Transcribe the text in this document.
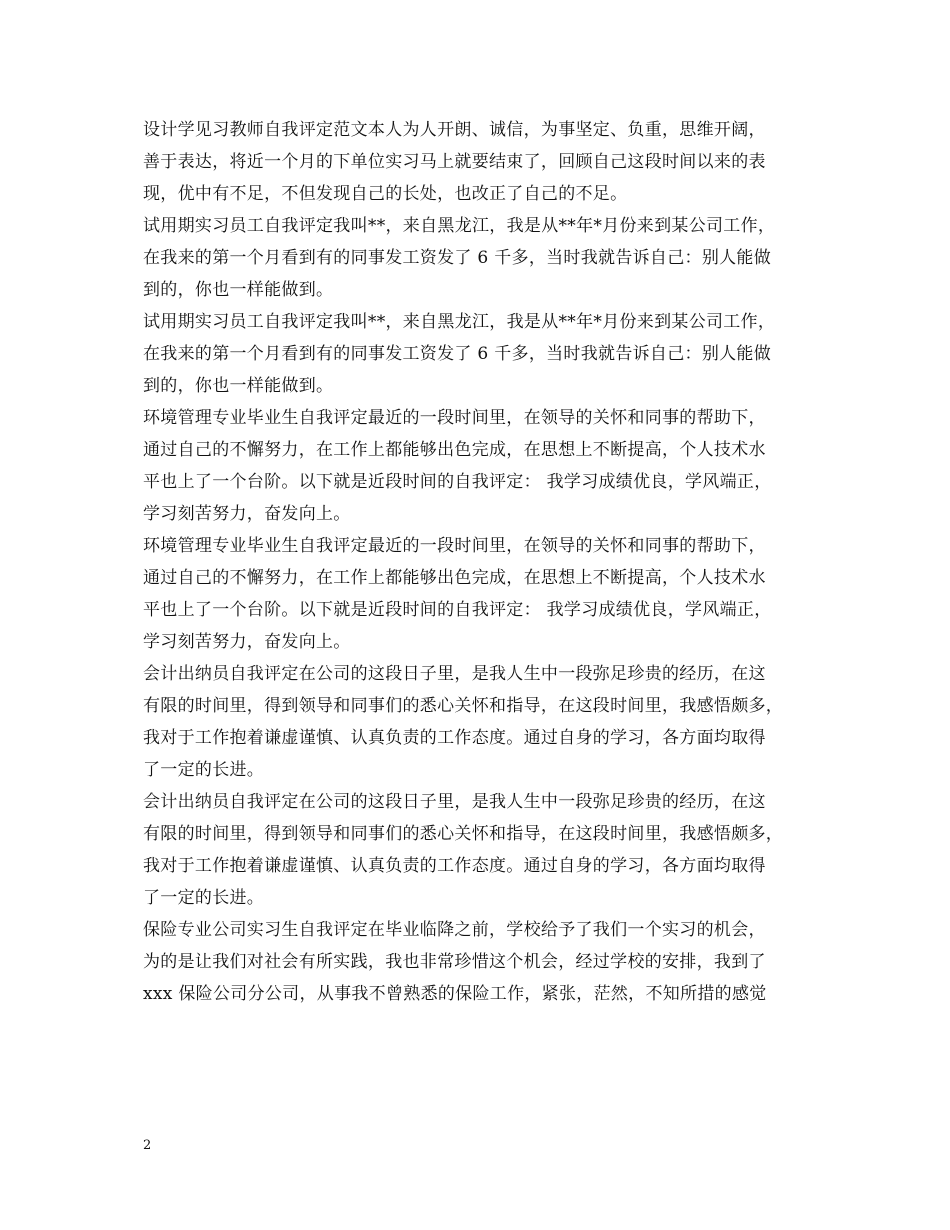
设计学见习教师自我评定范文本人为人开朗、诚信，为事坚定、负重，思维开阔，
善于表达，将近一个月的下单位实习马上就要结束了，回顾自己这段时间以来的表
现，优中有不足，不但发现自己的长处，也改正了自己的不足。
试用期实习员工自我评定我叫**，来自黑龙江，我是从**年*月份来到某公司工作，
在我来的第一个月看到有的同事发工资发了 6 千多，当时我就告诉自己：别人能做
到的，你也一样能做到。
试用期实习员工自我评定我叫**，来自黑龙江，我是从**年*月份来到某公司工作，
在我来的第一个月看到有的同事发工资发了 6 千多，当时我就告诉自己：别人能做
到的，你也一样能做到。
环境管理专业毕业生自我评定最近的一段时间里，在领导的关怀和同事的帮助下，
通过自己的不懈努力，在工作上都能够出色完成，在思想上不断提高，个人技术水
平也上了一个台阶。以下就是近段时间的自我评定： 我学习成绩优良，学风端正，
学习刻苦努力，奋发向上。
环境管理专业毕业生自我评定最近的一段时间里，在领导的关怀和同事的帮助下，
通过自己的不懈努力，在工作上都能够出色完成，在思想上不断提高，个人技术水
平也上了一个台阶。以下就是近段时间的自我评定： 我学习成绩优良，学风端正，
学习刻苦努力，奋发向上。
会计出纳员自我评定在公司的这段日子里，是我人生中一段弥足珍贵的经历，在这
有限的时间里，得到领导和同事们的悉心关怀和指导，在这段时间里，我感悟颇多，
我对于工作抱着谦虚谨慎、认真负责的工作态度。通过自身的学习，各方面均取得
了一定的长进。
会计出纳员自我评定在公司的这段日子里，是我人生中一段弥足珍贵的经历，在这
有限的时间里，得到领导和同事们的悉心关怀和指导，在这段时间里，我感悟颇多，
我对于工作抱着谦虚谨慎、认真负责的工作态度。通过自身的学习，各方面均取得
了一定的长进。
保险专业公司实习生自我评定在毕业临降之前，学校给予了我们一个实习的机会，
为的是让我们对社会有所实践，我也非常珍惜这个机会，经过学校的安排，我到了
xxx 保险公司分公司，从事我不曾熟悉的保险工作，紧张，茫然，不知所措的感觉
2
